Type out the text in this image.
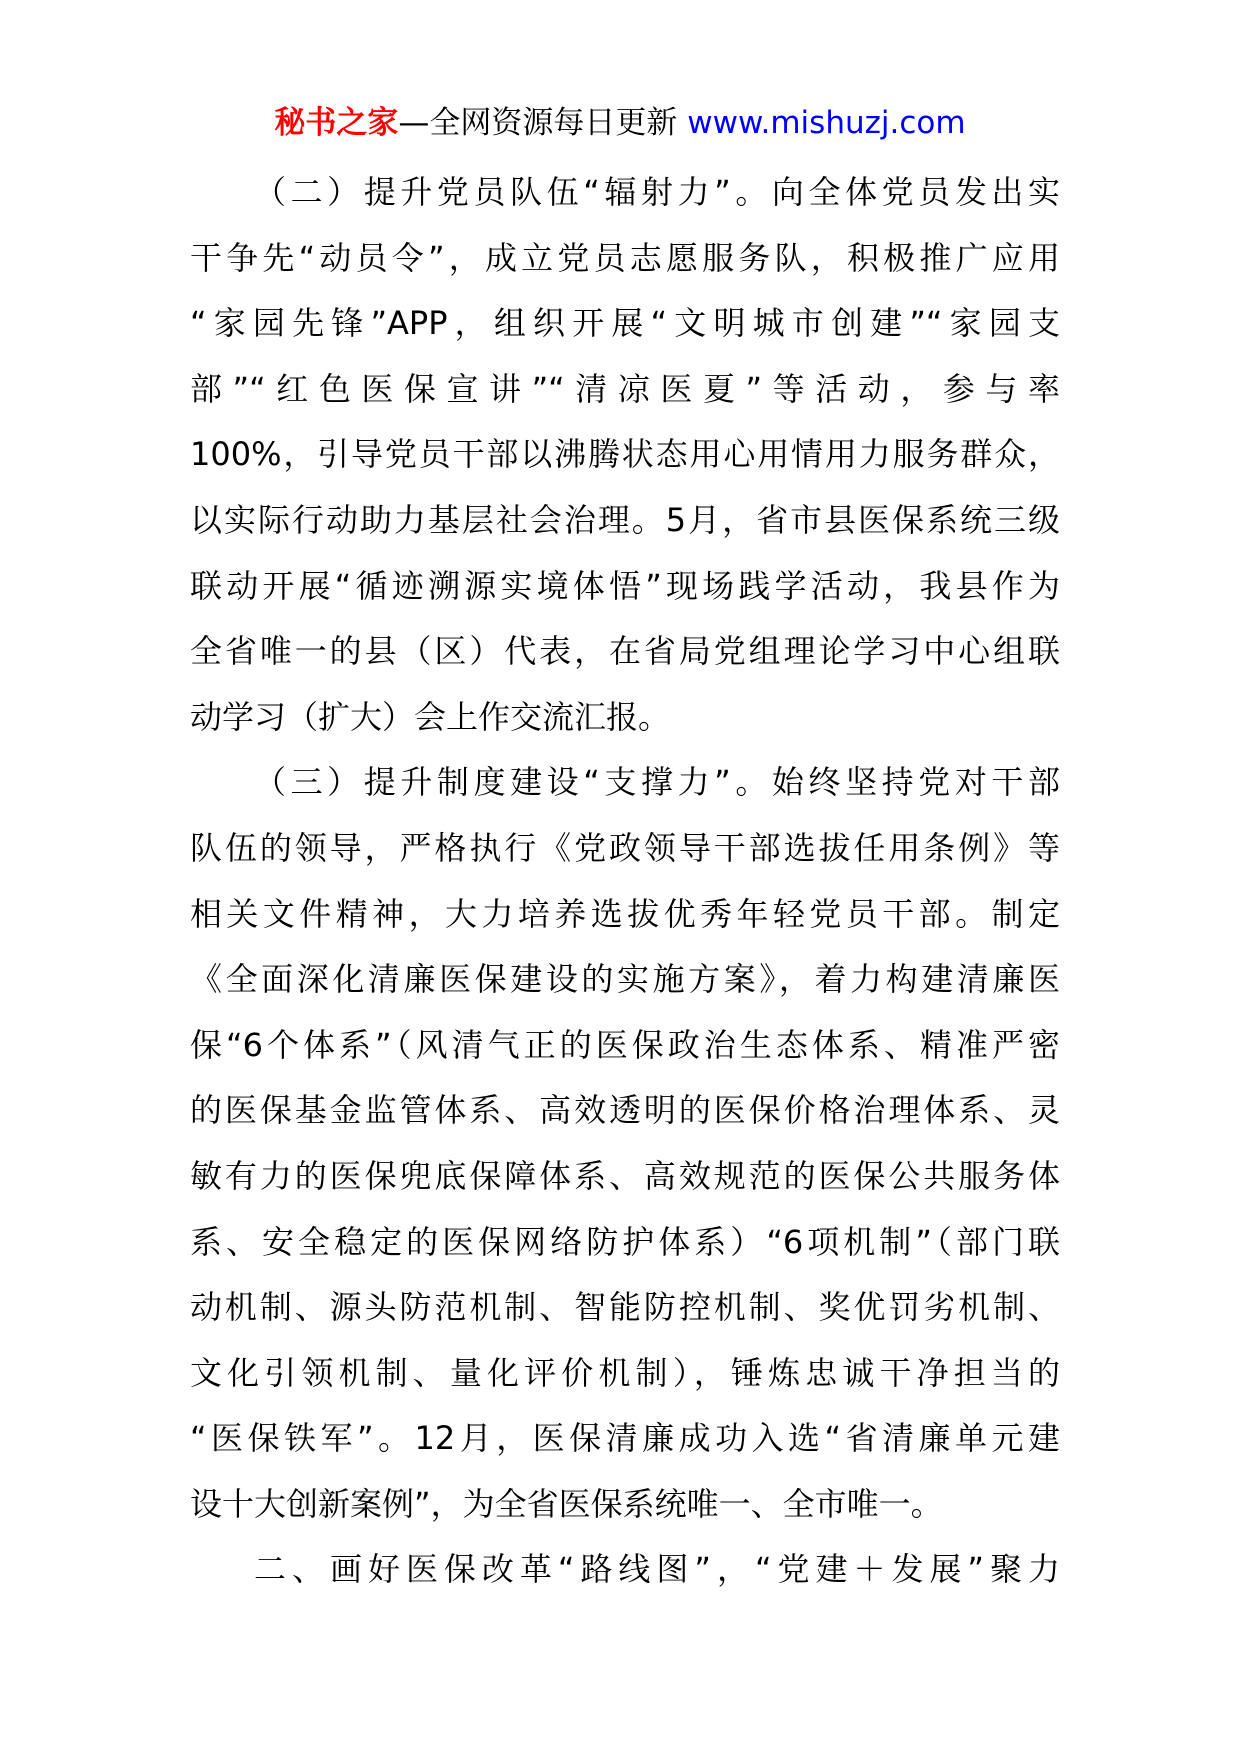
秘书之家—全网资源每日更新 www.mishuzj.com
（二）提升党员队伍“辐射力”。向全体党员发出实
干争先“动员令”，成立党员志愿服务队，积极推广应用
“家园先锋”APP，组织开展“文明城市创建”“家园支
部”“红色医保宣讲”“清凉医夏”等活动，参与率
100%，引导党员干部以沸腾状态用心用情用力服务群众，
以实际行动助力基层社会治理。5月，省市县医保系统三级
联动开展“循迹溯源实境体悟”现场践学活动，我县作为
全省唯一的县（区）代表，在省局党组理论学习中心组联
动学习（扩大）会上作交流汇报。
（三）提升制度建设“支撑力”。始终坚持党对干部
队伍的领导，严格执行《党政领导干部选拔任用条例》等
相关文件精神，大力培养选拔优秀年轻党员干部。制定
《全面深化清廉医保建设的实施方案》，着力构建清廉医
保“6个体系”（风清气正的医保政治生态体系、精准严密
的医保基金监管体系、高效透明的医保价格治理体系、灵
敏有力的医保兜底保障体系、高效规范的医保公共服务体
系、安全稳定的医保网络防护体系）“6项机制”（部门联
动机制、源头防范机制、智能防控机制、奖优罚劣机制、
文化引领机制、量化评价机制），锤炼忠诚干净担当的
“医保铁军”。12月，医保清廉成功入选“省清廉单元建
设十大创新案例”，为全省医保系统唯一、全市唯一。
二、画好医保改革“路线图”，“党建＋发展”聚力
